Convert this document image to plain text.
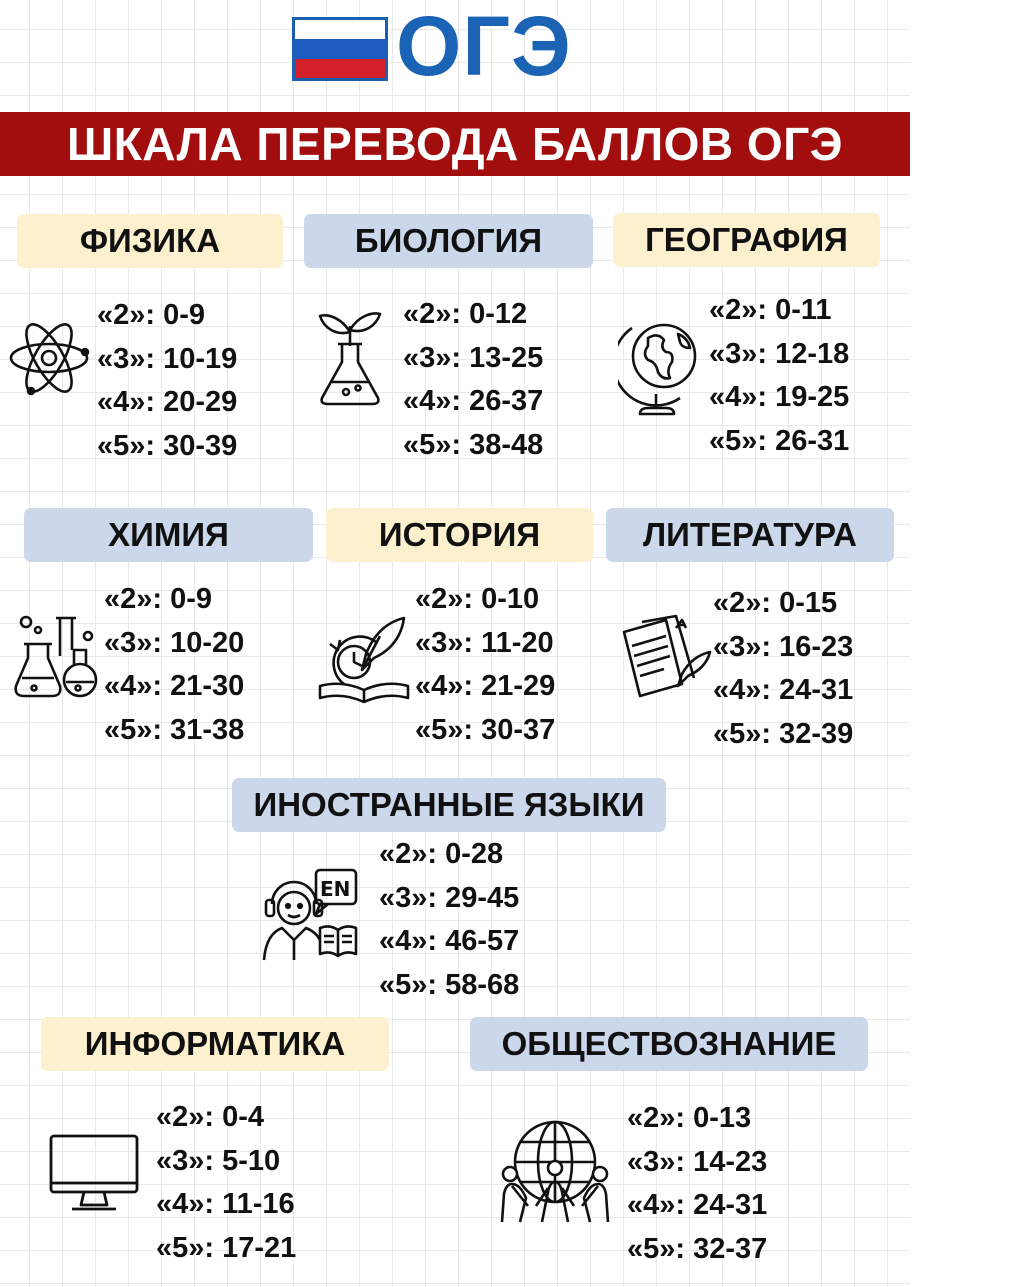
ОГЭ
ШКАЛА ПЕРЕВОДА БАЛЛОВ ОГЭ
ФИЗИКА
«2»: 0-9
«3»: 10-19
«4»: 20-29
«5»: 30-39
БИОЛОГИЯ
«2»: 0-12
«3»: 13-25
«4»: 26-37
«5»: 38-48
ГЕОГРАФИЯ
«2»: 0-11
«3»: 12-18
«4»: 19-25
«5»: 26-31
ХИМИЯ
«2»: 0-9
«3»: 10-20
«4»: 21-30
«5»: 31-38
ИСТОРИЯ
«2»: 0-10
«3»: 11-20
«4»: 21-29
«5»: 30-37
ЛИТЕРАТУРА
«2»: 0-15
«3»: 16-23
«4»: 24-31
«5»: 32-39
ИНОСТРАННЫЕ ЯЗЫКИ
EN
«2»: 0-28
«3»: 29-45
«4»: 46-57
«5»: 58-68
ИНФОРМАТИКА
«2»: 0-4
«3»: 5-10
«4»: 11-16
«5»: 17-21
ОБЩЕСТВОЗНАНИЕ
«2»: 0-13
«3»: 14-23
«4»: 24-31
«5»: 32-37
